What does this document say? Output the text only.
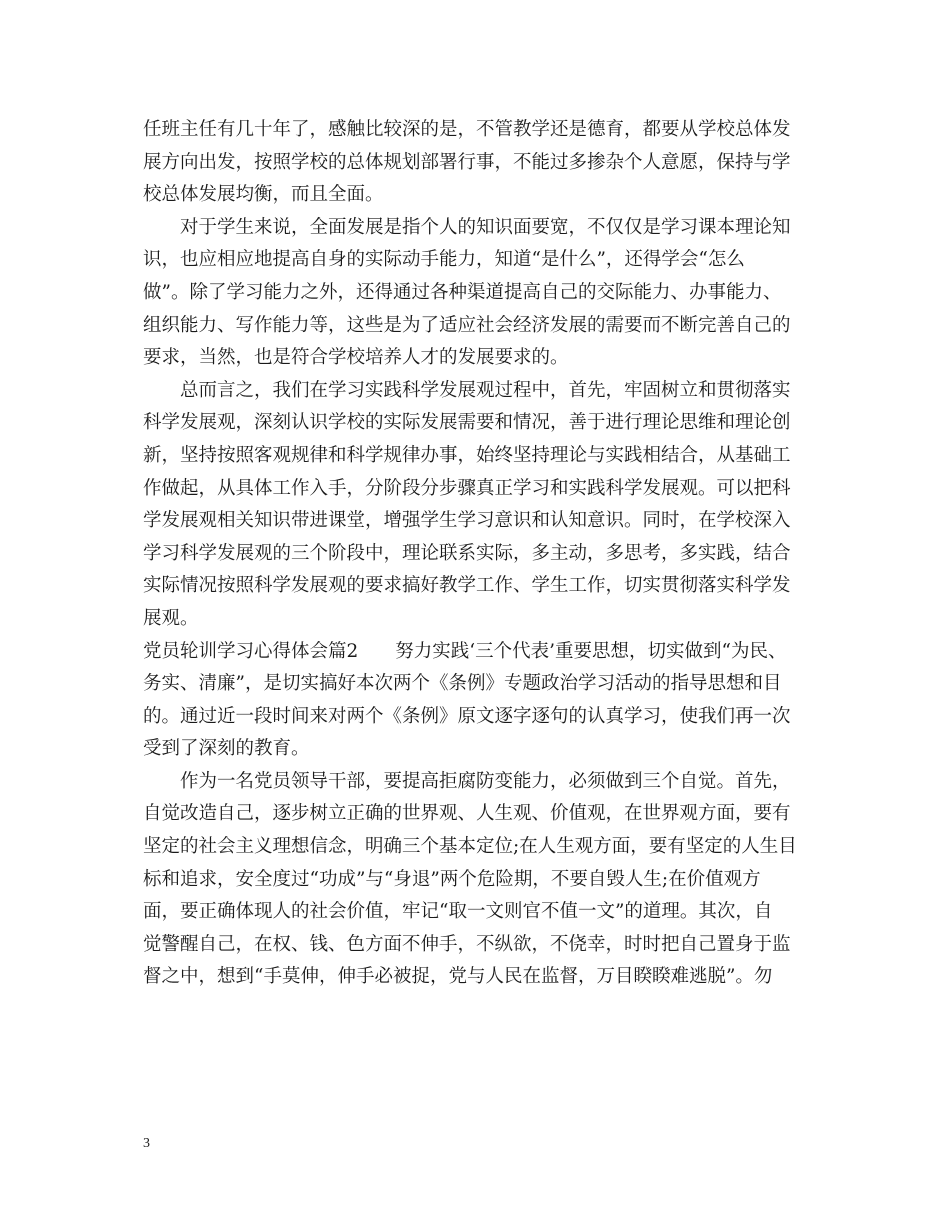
任班主任有几十年了，感触比较深的是，不管教学还是德育，都要从学校总体发
展方向出发，按照学校的总体规划部署行事，不能过多掺杂个人意愿，保持与学
校总体发展均衡，而且全面。
　　对于学生来说，全面发展是指个人的知识面要宽，不仅仅是学习课本理论知
识，也应相应地提高自身的实际动手能力，知道“是什么”，还得学会“怎么
做”。除了学习能力之外，还得通过各种渠道提高自己的交际能力、办事能力、
组织能力、写作能力等，这些是为了适应社会经济发展的需要而不断完善自己的
要求，当然，也是符合学校培养人才的发展要求的。
　　总而言之，我们在学习实践科学发展观过程中，首先，牢固树立和贯彻落实
科学发展观，深刻认识学校的实际发展需要和情况，善于进行理论思维和理论创
新，坚持按照客观规律和科学规律办事，始终坚持理论与实践相结合，从基础工
作做起，从具体工作入手，分阶段分步骤真正学习和实践科学发展观。可以把科
学发展观相关知识带进课堂，增强学生学习意识和认知意识。同时，在学校深入
学习科学发展观的三个阶段中，理论联系实际，多主动，多思考，多实践，结合
实际情况按照科学发展观的要求搞好教学工作、学生工作，切实贯彻落实科学发
展观。
党员轮训学习心得体会篇2　　努力实践‘三个代表’重要思想，切实做到“为民、
务实、清廉”，是切实搞好本次两个《条例》专题政治学习活动的指导思想和目
的。通过近一段时间来对两个《条例》原文逐字逐句的认真学习，使我们再一次
受到了深刻的教育。
　　作为一名党员领导干部，要提高拒腐防变能力，必须做到三个自觉。首先，
自觉改造自己，逐步树立正确的世界观、人生观、价值观，在世界观方面，要有
坚定的社会主义理想信念，明确三个基本定位;在人生观方面，要有坚定的人生目
标和追求，安全度过“功成”与“身退”两个危险期，不要自毁人生;在价值观方
面，要正确体现人的社会价值，牢记“取一文则官不值一文”的道理。其次，自
觉警醒自己，在权、钱、色方面不伸手，不纵欲，不侥幸，时时把自己置身于监
督之中，想到“手莫伸，伸手必被捉，党与人民在监督，万目睽睽难逃脱”。勿
3
